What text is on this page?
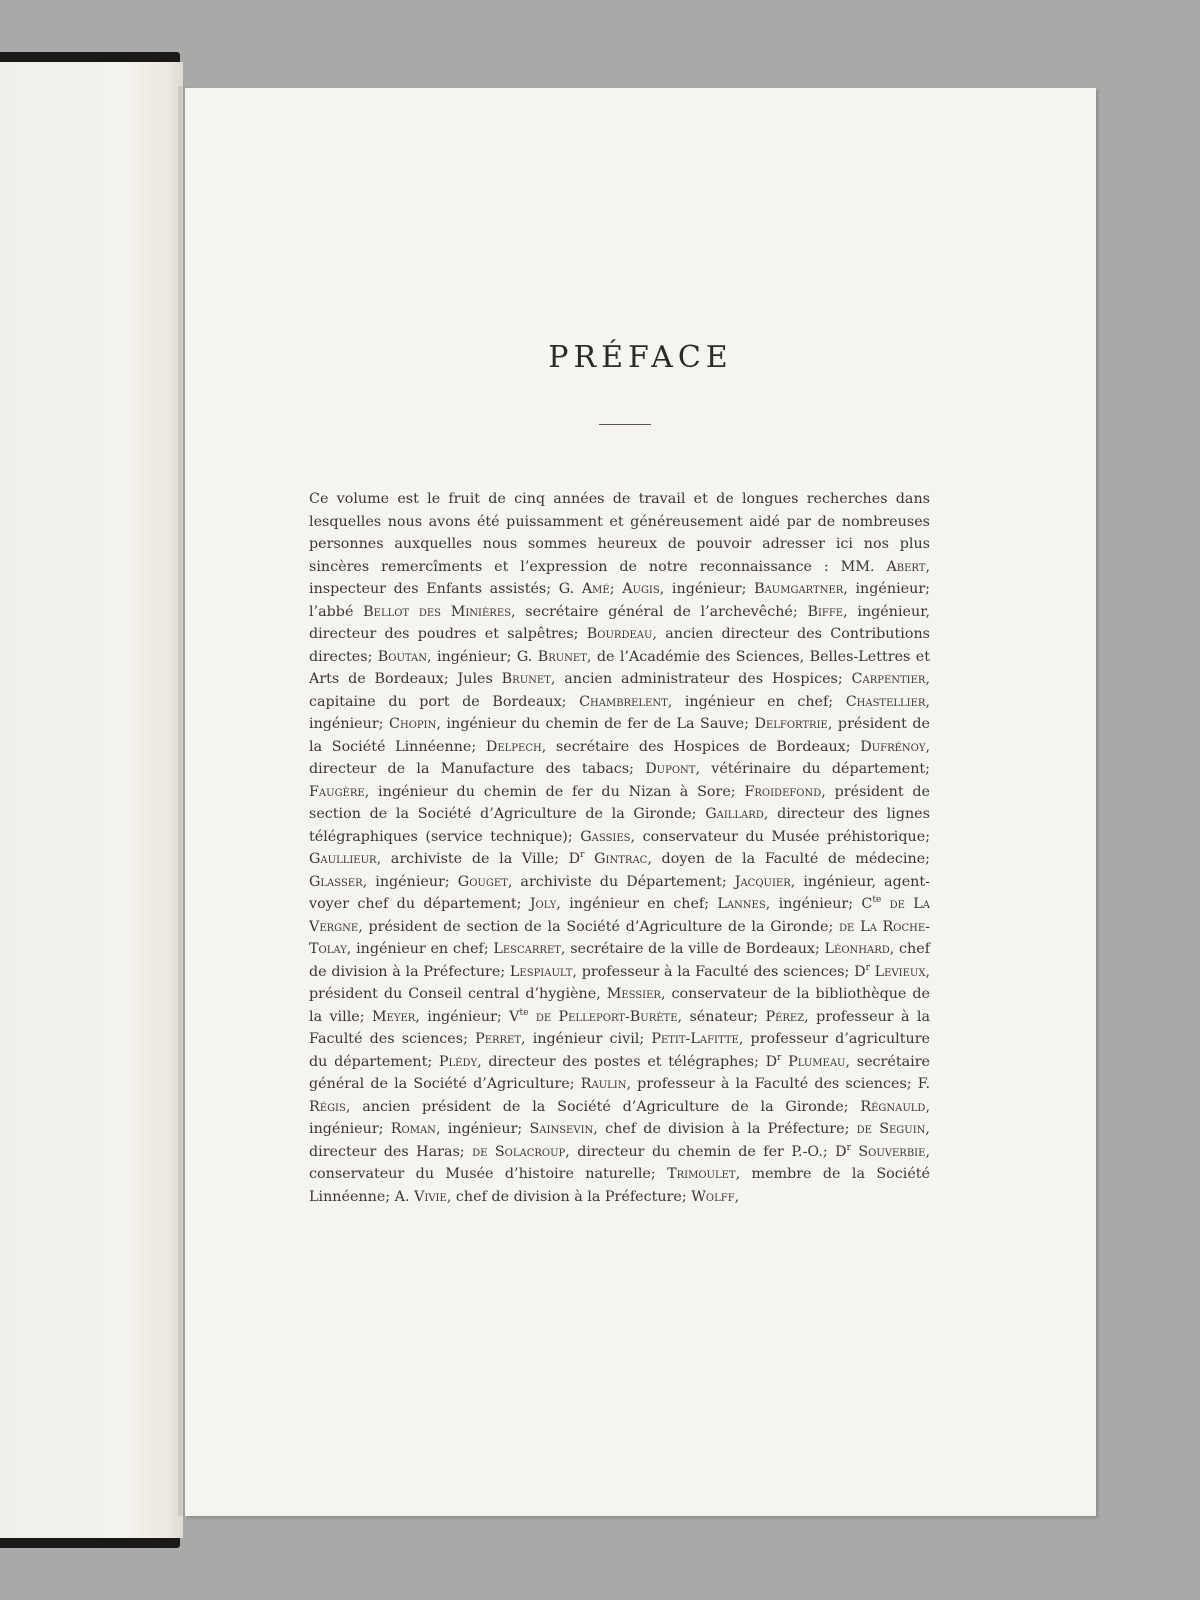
PRÉFACE

Ce volume est le fruit de cinq années de travail et de longues recherches dans lesquelles nous avons été puissamment et généreusement aidé par de nombreuses personnes auxquelles nous sommes heureux de pouvoir adresser ici nos plus sincères remercîments et l’expression de notre reconnaissance : MM. Abert, inspecteur des Enfants assistés; G. Amé; Augis, ingénieur; Baumgartner, ingénieur; l’abbé Bellot des Minières, secrétaire général de l’archevêché; Biffe, ingénieur, directeur des poudres et salpêtres; Bourdeau, ancien directeur des Contributions directes; Boutan, ingénieur; G. Brunet, de l’Académie des Sciences, Belles-Lettres et Arts de Bordeaux; Jules Brunet, ancien administrateur des Hospices; Carpentier, capitaine du port de Bordeaux; Chambrelent, ingénieur en chef; Chastellier, ingénieur; Chopin, ingénieur du chemin de fer de La Sauve; Delfortrie, président de la Société Linnéenne; Delpech, secrétaire des Hospices de Bordeaux; Dufrénoy, directeur de la Manufacture des tabacs; Dupont, vétérinaire du département; Faugère, ingénieur du chemin de fer du Nizan à Sore; Froidefond, président de section de la Société d’Agriculture de la Gironde; Gaillard, directeur des lignes télégraphiques (service technique); Gassies, conservateur du Musée préhistorique; Gaullieur, archiviste de la Ville; $D^r$ Gintrac, doyen de la Faculté de médecine; Glasser, ingénieur; Gouget, archiviste du Département; Jacquier, ingénieur, agent-voyer chef du département; Joly, ingénieur en chef; Lannes, ingénieur; $C^{te}$ de La Vergne, président de section de la Société d’Agriculture de la Gironde; de La Roche-Tolay, ingénieur en chef; Lescarret, secrétaire de la ville de Bordeaux; Léonhard, chef de division à la Préfecture; Lespiault, professeur à la Faculté des sciences; $D^r$ Levieux, président du Conseil central d’hygiène, Messier, conservateur de la bibliothèque de la ville; Meyer, ingénieur; $V^{te}$ de Pelleport-Burète, sénateur; Pérez, professeur à la Faculté des sciences; Perret, ingénieur civil; Petit-Lafitte, professeur d’agriculture du département; Plédy, directeur des postes et télégraphes; $D^r$ Plumeau, secrétaire général de la Société d’Agriculture; Raulin, professeur à la Faculté des sciences; F. Régis, ancien président de la Société d’Agriculture de la Gironde; Régnauld, ingénieur; Roman, ingénieur; Sainsevin, chef de division à la Préfecture; de Seguin, directeur des Haras; de Solacroup, directeur du chemin de fer P.-O.; $D^r$ Souverbie, conservateur du Musée d’histoire naturelle; Trimoulet, membre de la Société Linnéenne; A. Vivie, chef de division à la Préfecture; Wolff,
